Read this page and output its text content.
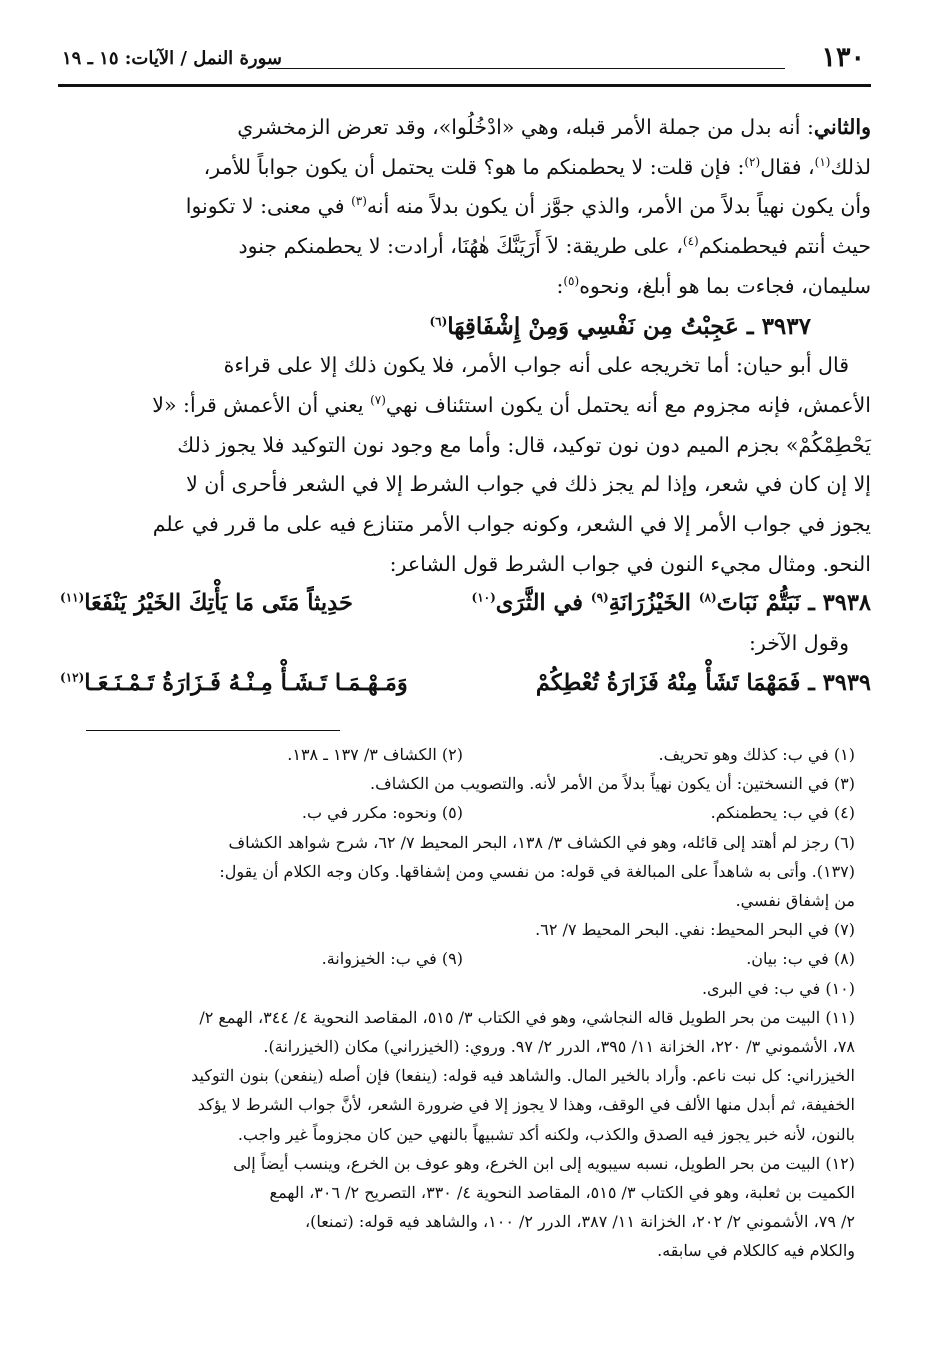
١٣٠
سورة النمل / الآيات: ١٥ ـ ١٩

والثاني: أنه بدل من جملة الأمر قبله، وهي «ادْخُلُوا»، وقد تعرض الزمخشري

لذلك$^{(١)}$، فقال$^{(٢)}$: فإن قلت: لا يحطمنكم ما هو؟ قلت يحتمل أن يكون جواباً للأمر،

وأن يكون نهياً بدلاً من الأمر، والذي جوَّز أن يكون بدلاً منه أنه$^{(٣)}$ في معنى: لا تكونوا

حيث أنتم فيحطمنكم$^{(٤)}$، على طريقة: لاَ أَرَيَنَّكَ هٰهُنَا، أرادت: لا يحطمنكم جنود

سليمان، فجاءت بما هو أبلغ، ونحوه$^{(٥)}$:

٣٩٣٧ ـ عَجِبْتُ مِن نَفْسِي وَمِنْ إِشْفَاقِهَا$^{(٦)}$

قال أبو حيان: أما تخريجه على أنه جواب الأمر، فلا يكون ذلك إلا على قراءة

الأعمش، فإنه مجزوم مع أنه يحتمل أن يكون استئناف نهي$^{(٧)}$ يعني أن الأعمش قرأ: «لا

يَحْطِمْكُمْ» بجزم الميم دون نون توكيد، قال: وأما مع وجود نون التوكيد فلا يجوز ذلك

إلا إن كان في شعر، وإذا لم يجز ذلك في جواب الشرط إلا في الشعر فأحرى أن لا

يجوز في جواب الأمر إلا في الشعر، وكونه جواب الأمر متنازع فيه على ما قرر في علم

النحو. ومثال مجيء النون في جواب الشرط قول الشاعر:

٣٩٣٨ ـ نَبَتُّمْ نَبَاتَ$^{(٨)}$ الخَيْزُرَانَةِ$^{(٩)}$ في الثَّرَى$^{(١٠)}$
حَدِيثاً مَتَى مَا يَأْتِكَ الخَيْرُ يَنْفَعَا$^{(١١)}$

وقول الآخر:

٣٩٣٩ ـ فَمَهْمَا تَشَأْ مِنْهُ فَزَارَةُ تُعْطِكُمْ
وَمَـهْـمَـا تَـشَـأْ مِـنْـهُ فَـزَارَةُ تَـمْـنَـعَـا$^{(١٢)}$
(١) في ب: كذلك وهو تحريف.
(٢) الكشاف ٣/ ١٣٧ ـ ١٣٨.

(٣) في النسختين: أن يكون نهياً بدلاً من الأمر لأنه. والتصويب من الكشاف.

(٤) في ب: يحطمنكم.
(٥) ونحوه: مكرر في ب.

(٦) رجز لم أهتد إلى قائله، وهو في الكشاف ٣/ ١٣٨، البحر المحيط ٧/ ٦٢، شرح شواهد الكشاف

(١٣٧). وأتى به شاهداً على المبالغة في قوله: من نفسي ومن إشفاقها. وكان وجه الكلام أن يقول:

من إشفاق نفسي.

(٧) في البحر المحيط: نفي. البحر المحيط ٧/ ٦٢.

(٨) في ب: بيان.
(٩) في ب: الخيزوانة.

(١٠) في ب: في البرى.

(١١) البيت من بحر الطويل قاله النجاشي، وهو في الكتاب ٣/ ٥١٥، المقاصد النحوية ٤/ ٣٤٤، الهمع ٢/

٧٨، الأشموني ٣/ ٢٢٠، الخزانة ١١/ ٣٩٥، الدرر ٢/ ٩٧. وروي: (الخيزراني) مكان (الخيزرانة).

الخيزراني: كل نبت ناعم. وأراد بالخير المال. والشاهد فيه قوله: (ينفعا) فإن أصله (ينفعن) بنون التوكيد

الخفيفة، ثم أبدل منها الألف في الوقف، وهذا لا يجوز إلا في ضرورة الشعر، لأنَّ جواب الشرط لا يؤكد

بالنون، لأنه خبر يجوز فيه الصدق والكذب، ولكنه أكد تشبيهاً بالنهي حين كان مجزوماً غير واجب.

(١٢) البيت من بحر الطويل، نسبه سيبويه إلى ابن الخرع، وهو عوف بن الخرع، وينسب أيضاً إلى

الكميت بن ثعلبة، وهو في الكتاب ٣/ ٥١٥، المقاصد النحوية ٤/ ٣٣٠، التصريح ٢/ ٣٠٦، الهمع

٢/ ٧٩، الأشموني ٢/ ٢٠٢، الخزانة ١١/ ٣٨٧، الدرر ٢/ ١٠٠، والشاهد فيه قوله: (تمنعا)،

والكلام فيه كالكلام في سابقه.
